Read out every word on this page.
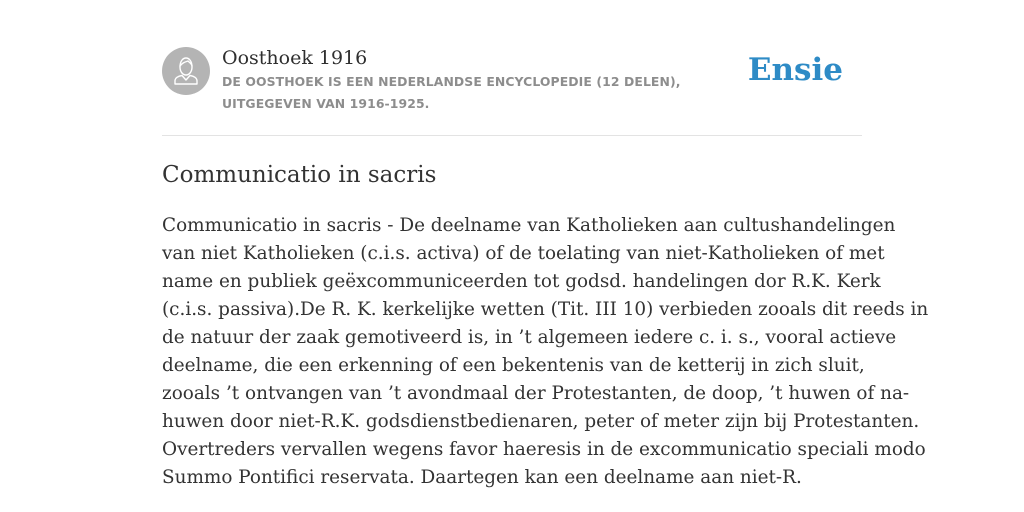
Oosthoek 1916
DE OOSTHOEK IS EEN NEDERLANDSE ENCYCLOPEDIE (12 DELEN), UITGEGEVEN VAN 1916-1925.
Ensie
Communicatio in sacris
Communicatio in sacris - De deelname van Katholieken aan cultushandelingen
van niet Katholieken (c.i.s. activa) of de toelating van niet-Katholieken of met
name en publiek geëxcommuniceerden tot godsd. handelingen dor R.K. Kerk
(c.i.s. passiva).De R. K. kerkelijke wetten (Tit. III 10) verbieden zooals dit reeds in
de natuur der zaak gemotiveerd is, in ’t algemeen iedere c. i. s., vooral actieve
deelname, die een erkenning of een bekentenis van de ketterij in zich sluit,
zooals ’t ontvangen van ’t avondmaal der Protestanten, de doop, ’t huwen of na-
huwen door niet-R.K. godsdienstbedienaren, peter of meter zijn bij Protestanten.
Overtreders vervallen wegens favor haeresis in de excommunicatio speciali modo
Summo Pontifici reservata. Daartegen kan een deelname aan niet-R.
